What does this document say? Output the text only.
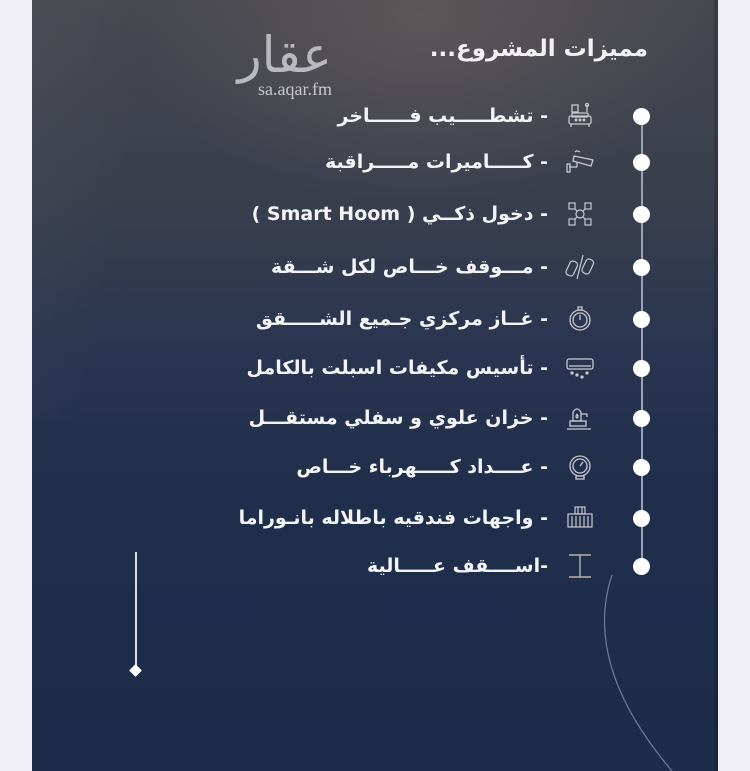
عقار
sa.aqar.fm
مميزات المشروع...
- تشطـــــيب فــــــاخر
- كـــــاميرات مـــــراقبة
- دخول ذكــي ( Smart Hoom )
- مـــوقف خـــاص لكل شـــقة
- غــاز مركزي جـميع الشـــــقق
- تأسيس مكيفات اسبلت بالكامل
- خزان علوي و سفلي مستقـــل
- عــــداد كـــــهرباء خـــاص
- واجهات فندقيه باطلاله بانـوراما
-اســــقف عـــــالية
